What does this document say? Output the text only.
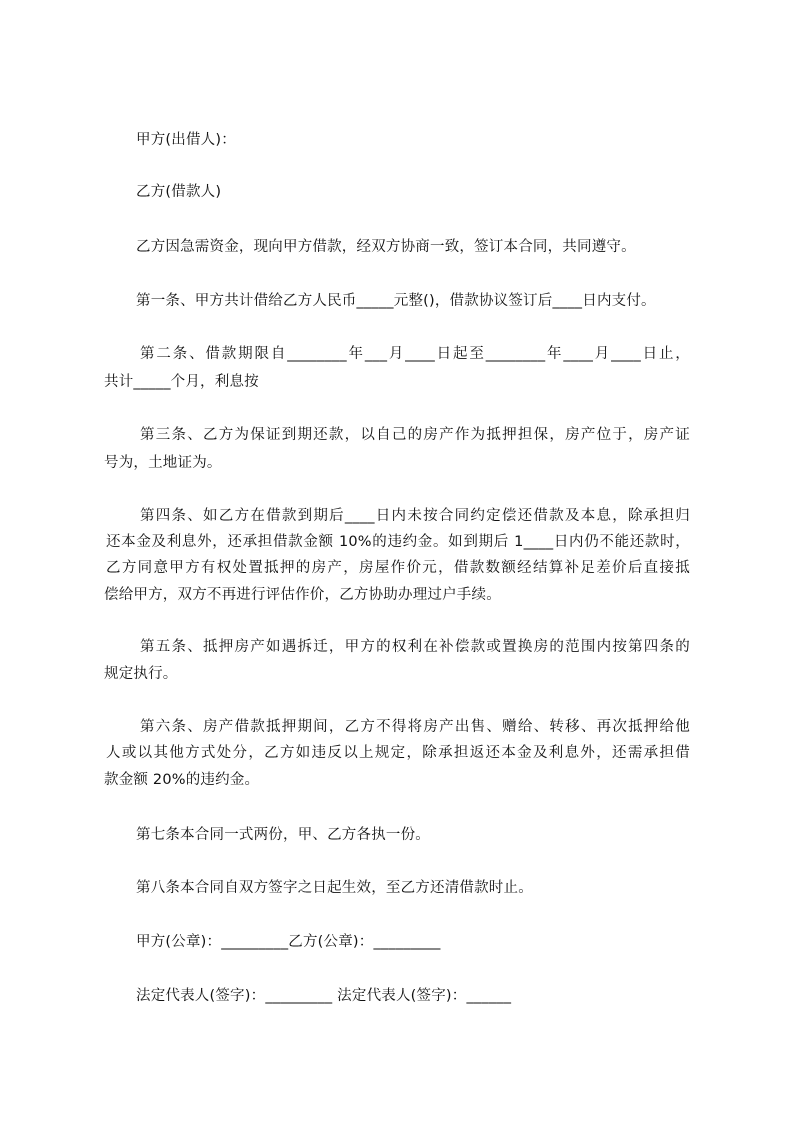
甲方(出借人)：

乙方(借款人)

乙方因急需资金，现向甲方借款，经双方协商一致，签订本合同，共同遵守。

第一条、甲方共计借给乙方人民币_____元整()，借款协议签订后____日内支付。

第二条、借款期限自________年___月____日起至________年____月____日止，

共计_____个月，利息按

第三条、乙方为保证到期还款，以自己的房产作为抵押担保，房产位于，房产证

号为，土地证为。

第四条、如乙方在借款到期后____日内未按合同约定偿还借款及本息，除承担归

还本金及利息外，还承担借款金额 10%的违约金。如到期后 1____日内仍不能还款时，

乙方同意甲方有权处置抵押的房产，房屋作价元，借款数额经结算补足差价后直接抵

偿给甲方，双方不再进行评估作价，乙方协助办理过户手续。

第五条、抵押房产如遇拆迁，甲方的权利在补偿款或置换房的范围内按第四条的

规定执行。

第六条、房产借款抵押期间，乙方不得将房产出售、赠给、转移、再次抵押给他

人或以其他方式处分，乙方如违反以上规定，除承担返还本金及利息外，还需承担借

款金额 20%的违约金。

第七条本合同一式两份，甲、乙方各执一份。

第八条本合同自双方签字之日起生效，至乙方还清借款时止。

甲方(公章)：_________乙方(公章)：_________

法定代表人(签字)：_________ 法定代表人(签字)：______
